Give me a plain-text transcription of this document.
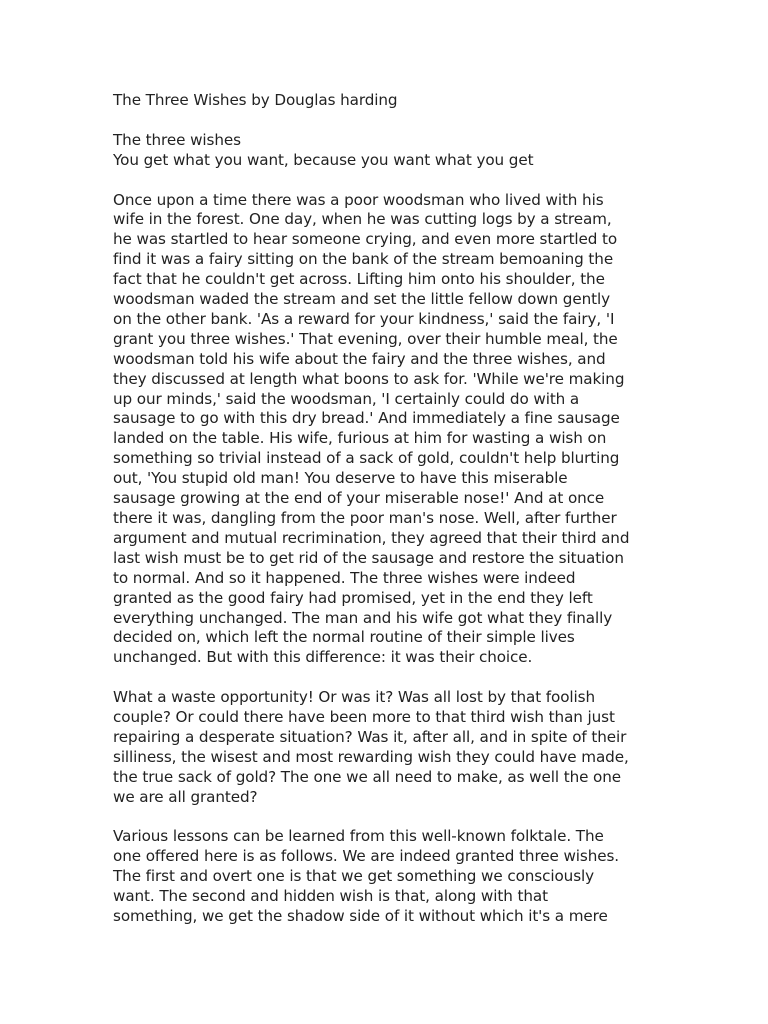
The Three Wishes by Douglas harding
The three wishes
You get what you want, because you want what you get
Once upon a time there was a poor woodsman who lived with his
wife in the forest. One day, when he was cutting logs by a stream,
he was startled to hear someone crying, and even more startled to
find it was a fairy sitting on the bank of the stream bemoaning the
fact that he couldn't get across. Lifting him onto his shoulder, the
woodsman waded the stream and set the little fellow down gently
on the other bank. 'As a reward for your kindness,' said the fairy, 'I
grant you three wishes.' That evening, over their humble meal, the
woodsman told his wife about the fairy and the three wishes, and
they discussed at length what boons to ask for. 'While we're making
up our minds,' said the woodsman, 'I certainly could do with a
sausage to go with this dry bread.' And immediately a fine sausage
landed on the table. His wife, furious at him for wasting a wish on
something so trivial instead of a sack of gold, couldn't help blurting
out, 'You stupid old man! You deserve to have this miserable
sausage growing at the end of your miserable nose!' And at once
there it was, dangling from the poor man's nose. Well, after further
argument and mutual recrimination, they agreed that their third and
last wish must be to get rid of the sausage and restore the situation
to normal. And so it happened. The three wishes were indeed
granted as the good fairy had promised, yet in the end they left
everything unchanged. The man and his wife got what they finally
decided on, which left the normal routine of their simple lives
unchanged. But with this difference: it was their choice.
What a waste opportunity! Or was it? Was all lost by that foolish
couple? Or could there have been more to that third wish than just
repairing a desperate situation? Was it, after all, and in spite of their
silliness, the wisest and most rewarding wish they could have made,
the true sack of gold? The one we all need to make, as well the one
we are all granted?
Various lessons can be learned from this well-known folktale. The
one offered here is as follows. We are indeed granted three wishes.
The first and overt one is that we get something we consciously
want. The second and hidden wish is that, along with that
something, we get the shadow side of it without which it's a mere
